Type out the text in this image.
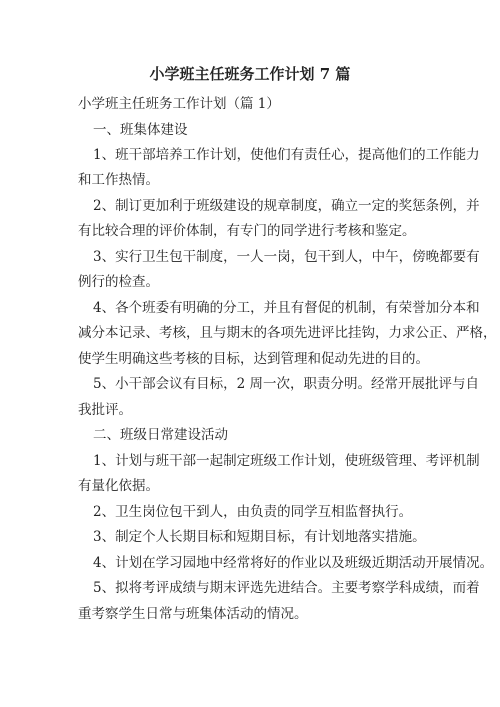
小学班主任班务工作计划 7 篇

小学班主任班务工作计划（篇 1）

一、班集体建设

1、班干部培养工作计划，使他们有责任心，提高他们的工作能力

和工作热情。

2、制订更加利于班级建设的规章制度，确立一定的奖惩条例，并

有比较合理的评价体制，有专门的同学进行考核和鉴定。

3、实行卫生包干制度，一人一岗，包干到人，中午，傍晚都要有

例行的检查。

4、各个班委有明确的分工，并且有督促的机制，有荣誉加分本和

减分本记录、考核，且与期末的各项先进评比挂钩，力求公正、严格，

使学生明确这些考核的目标，达到管理和促动先进的目的。

5、小干部会议有目标，2 周一次，职责分明。经常开展批评与自

我批评。

二、班级日常建设活动

1、计划与班干部一起制定班级工作计划，使班级管理、考评机制

有量化依据。

2、卫生岗位包干到人，由负责的同学互相监督执行。

3、制定个人长期目标和短期目标，有计划地落实措施。

4、计划在学习园地中经常将好的作业以及班级近期活动开展情况。

5、拟将考评成绩与期末评选先进结合。主要考察学科成绩，而着

重考察学生日常与班集体活动的情况。
